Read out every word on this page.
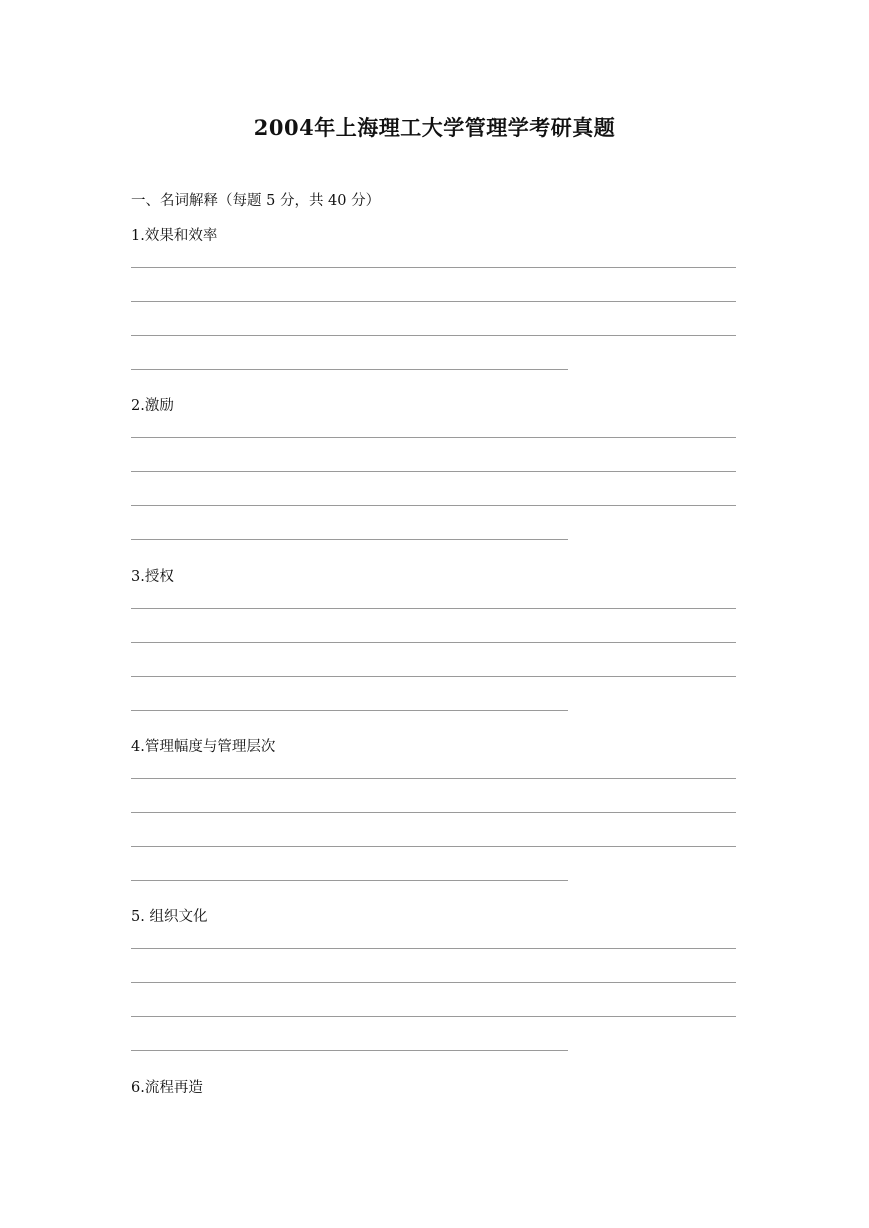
2004年上海理工大学管理学考研真题
一、名词解释（每题 5 分，共 40 分）
1.效果和效率
2.激励
3.授权
4.管理幅度与管理层次
5. 组织文化
6.流程再造
